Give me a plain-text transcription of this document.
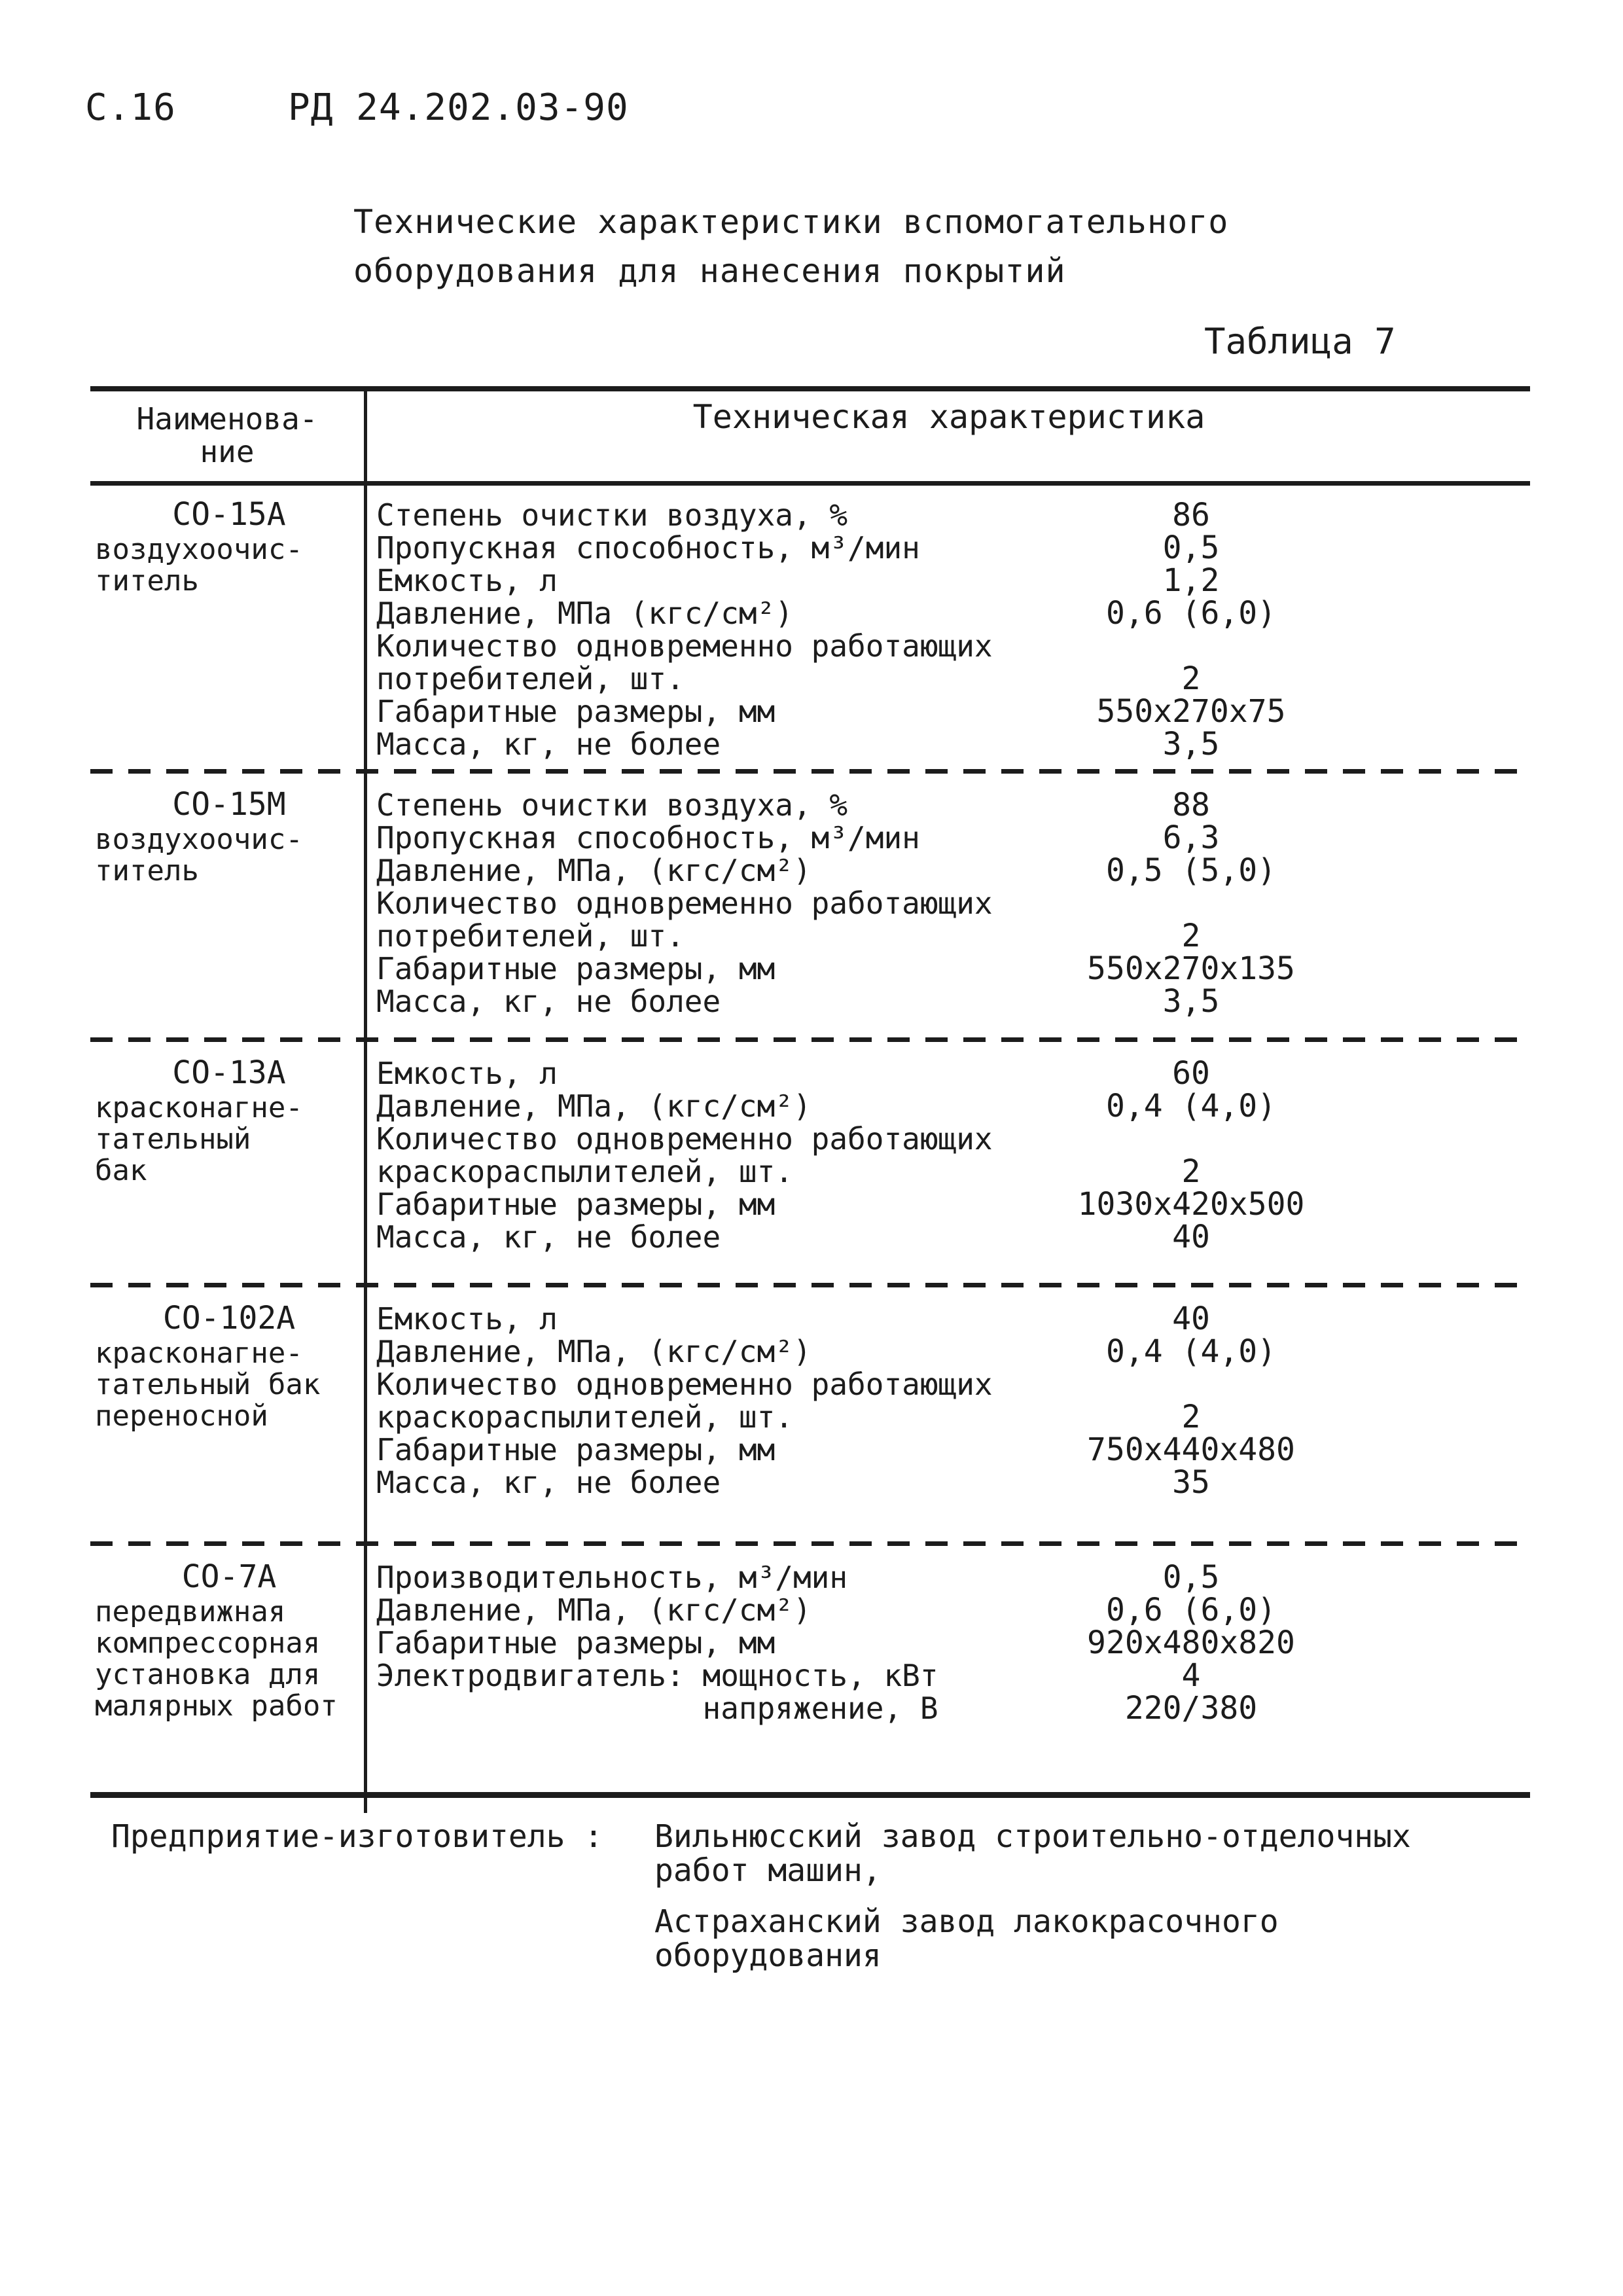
С.16	РД 24.202.03-90
Технические характеристики вспомогательного
оборудования для нанесения покрытий
Таблица 7
Наименова-
ние
Техническая характеристика
СО-15А
воздухоочис-
титель
Степень очистки воздуха, %	86
Пропускная способность, м³/мин	0,5
Емкость, л	1,2
Давление, МПа (кгс/см²)	0,6 (6,0)
Количество одновременно работающих
потребителей, шт.	2
Габаритные размеры, мм	550х270х75
Масса, кг, не более	3,5
СО-15М
воздухоочис-
титель
Степень очистки воздуха, %	88
Пропускная способность, м³/мин	6,3
Давление, МПа, (кгс/см²)	0,5 (5,0)
Количество одновременно работающих
потребителей, шт.	2
Габаритные размеры, мм	550х270х135
Масса, кг, не более	3,5
СО-13А
красконагне-
тательный
бак
Емкость, л	60
Давление, МПа, (кгс/см²)	0,4 (4,0)
Количество одновременно работающих
краскораспылителей, шт.	2
Габаритные размеры, мм	1030х420х500
Масса, кг, не более	40
СО-102А
красконагне-
тательный бак
переносной
Емкость, л	40
Давление, МПа, (кгс/см²)	0,4 (4,0)
Количество одновременно работающих
краскораспылителей, шт.	2
Габаритные размеры, мм	750х440х480
Масса, кг, не более	35
СО-7А
передвижная
компрессорная
установка для
малярных работ
Производительность, м³/мин	0,5
Давление, МПа, (кгс/см²)	0,6 (6,0)
Габаритные размеры, мм	920х480х820
Электродвигатель: мощность, кВт	4
напряжение, В	220/380
Предприятие-изготовитель : Вильнюсский завод строительно-отделочных
работ машин,
Астраханский завод лакокрасочного
оборудования
